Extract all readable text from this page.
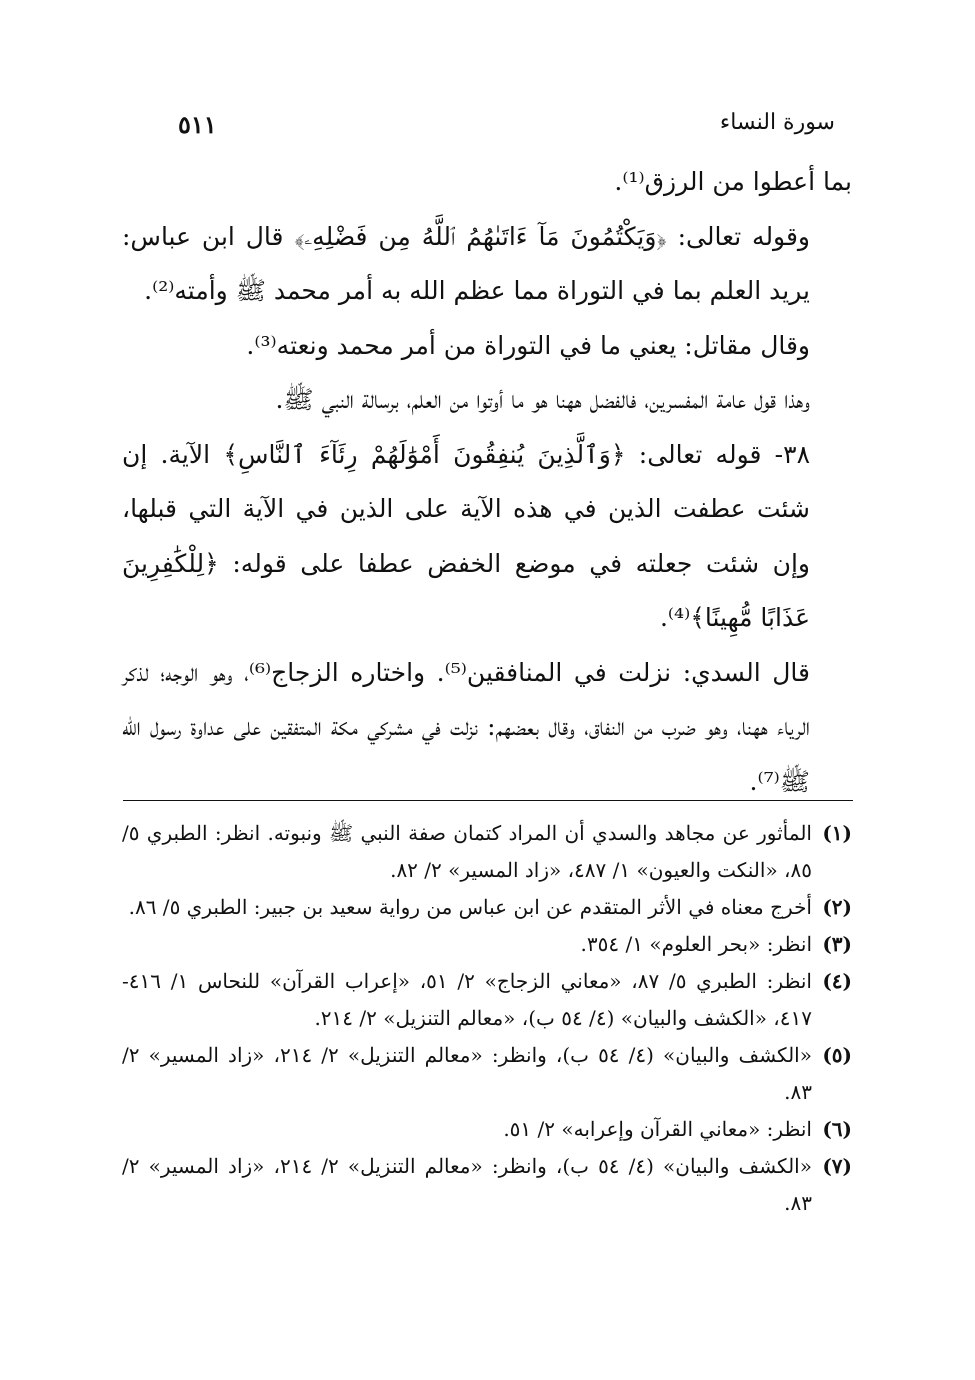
سورة النساء
٥١١

بما أعطوا من الرزق⁽¹⁾.

وقوله تعالى: ﴿وَيَكْتُمُونَ مَآ ءَاتَىٰهُمُ ٱللَّهُ مِن فَضْلِهِۦ﴾ قال ابن عباس: يريد العلم بما في التوراة مما عظم الله به أمر محمد ﷺ وأمته⁽²⁾.

وقال مقاتل: يعني ما في التوراة من أمر محمد ونعته⁽³⁾.

وهذا قول عامة المفسرين، فالفضل ههنا هو ما أوتوا من العلم، برسالة النبي ﷺ.

٣٨- قوله تعالى: ﴿وَٱلَّذِينَ يُنفِقُونَ أَمْوَٰلَهُمْ رِئَآءَ ٱلنَّاسِ﴾ الآية. إن شئت عطفت الذين في هذه الآية على الذين في الآية التي قبلها، وإن شئت جعلته في موضع الخفض عطفا على قوله: ﴿لِلْكَٰفِرِينَ عَذَابًا مُّهِينًا﴾⁽⁴⁾.

قال السدي: نزلت في المنافقين⁽⁵⁾. واختاره الزجاج⁽⁶⁾، وهو الوجه؛ لذكر الرياء ههنا، وهو ضرب من النفاق، وقال بعضهم: نزلت في مشركي مكة المتفقين على عداوة رسول الله ﷺ⁽⁷⁾.

(١)
المأثور عن مجاهد والسدي أن المراد كتمان صفة النبي ﷺ ونبوته. انظر: الطبري ٥/ ٨٥، «النكت والعيون» ١/ ٤٨٧، «زاد المسير» ٢/ ٨٢.
(٢)
أخرج معناه في الأثر المتقدم عن ابن عباس من رواية سعيد بن جبير: الطبري ٥/ ٨٦.
(٣)
انظر: «بحر العلوم» ١/ ٣٥٤.
(٤)
انظر: الطبري ٥/ ٨٧، «معاني الزجاج» ٢/ ٥١، «إعراب القرآن» للنحاس ١/ ٤١٦- ٤١٧، «الكشف والبيان» (٤/ ٥٤ ب)، «معالم التنزيل» ٢/ ٢١٤.
(٥)
«الكشف والبيان» (٤/ ٥٤ ب)، وانظر: «معالم التنزيل» ٢/ ٢١٤، «زاد المسير» ٢/ ٨٣.
(٦)
انظر: «معاني القرآن وإعرابه» ٢/ ٥١.
(٧)
«الكشف والبيان» (٤/ ٥٤ ب)، وانظر: «معالم التنزيل» ٢/ ٢١٤، «زاد المسير» ٢/ ٨٣.
